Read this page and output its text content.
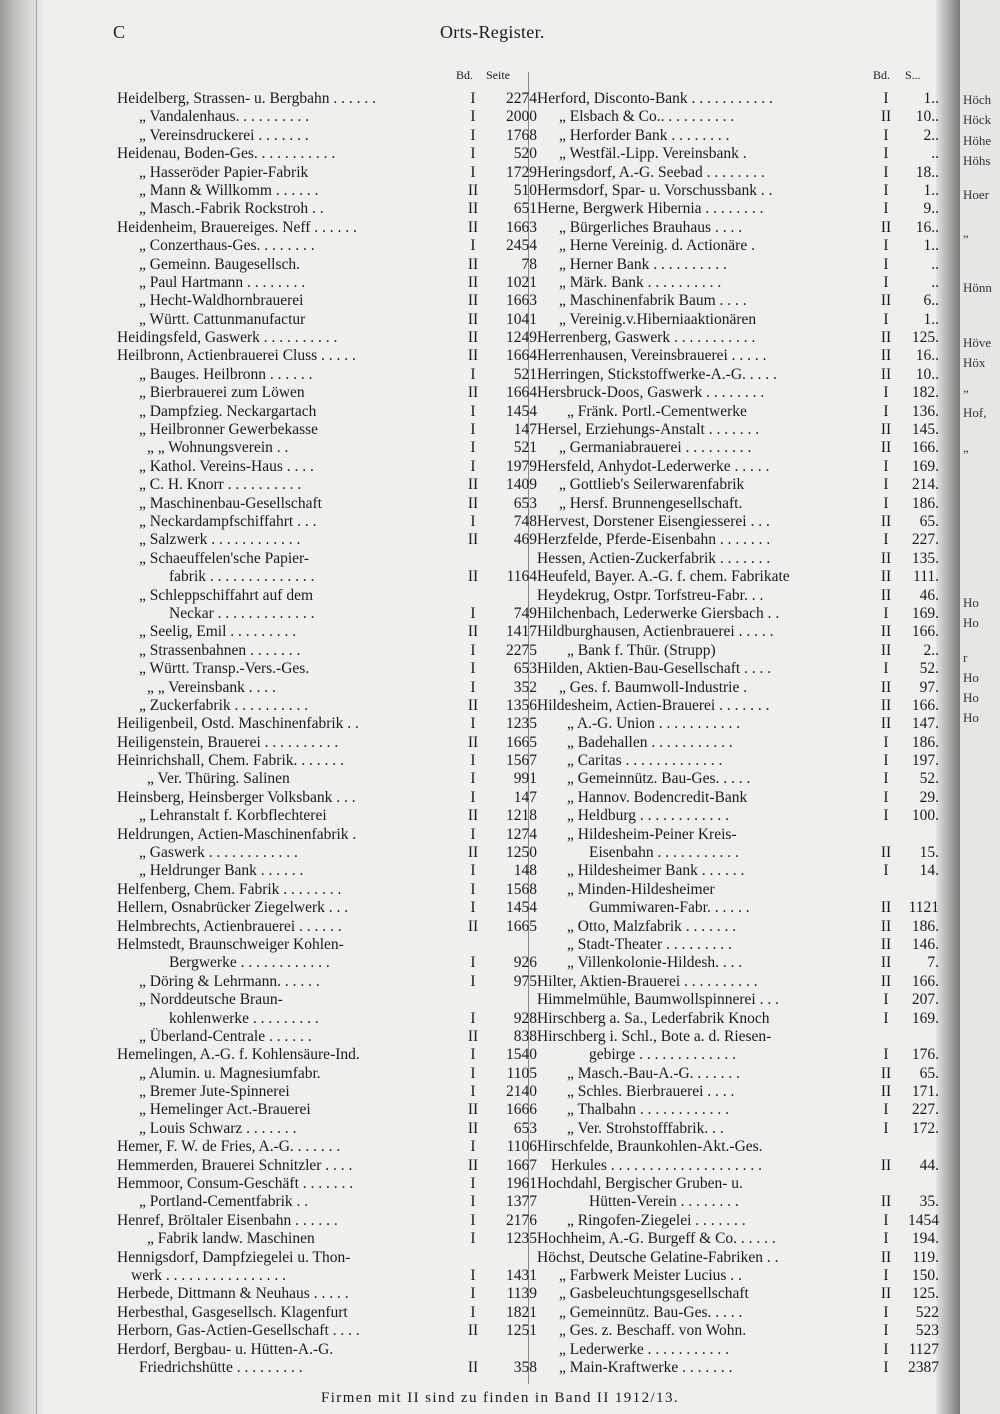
Höch
Höck
Höhe
Höhs
Hoer
„
Hönn
Höve
Höx
„
Hof,
„
Ho
Ho
r
Ho
Ho
Ho
C	Orts-Register.
Bd. Seite	Bd. S...
Heidelberg, Strassen- u. Bergbahn . . . . . .	I	2274
„ Vandalenhaus. . . . . . . . . .	I	2000
„ Vereinsdruckerei . . . . . . .	I	1768
Heidenau, Boden-Ges. . . . . . . . . . .	I	520
„ Hasseröder Papier-Fabrik	I	1729
„ Mann & Willkomm . . . . . .	II	510
„ Masch.-Fabrik Rockstroh . .	II	651
Heidenheim, Brauereiges. Neff . . . . . .	II	1663
„ Conzerthaus-Ges. . . . . . . .	I	2454
„ Gemeinn. Baugesellsch.	II	78
„ Paul Hartmann . . . . . . . .	II	1021
„ Hecht-Waldhornbrauerei	II	1663
„ Württ. Cattunmanufactur	II	1041
Heidingsfeld, Gaswerk . . . . . . . . . .	II	1249
Heilbronn, Actienbrauerei Cluss . . . . .	II	1664
„ Bauges. Heilbronn . . . . . .	I	521
„ Bierbrauerei zum Löwen	II	1664
„ Dampfzieg. Neckargartach	I	1454
„ Heilbronner Gewerbekasse	I	147
„ „ Wohnungsverein . .	I	521
„ Kathol. Vereins-Haus . . . .	I	1979
„ C. H. Knorr . . . . . . . . . .	II	1409
„ Maschinenbau-Gesellschaft	II	653
„ Neckardampfschiffahrt . . .	I	748
„ Salzwerk . . . . . . . . . . . .	II	469
„ Schaeuffelen'sche Papier-
fabrik . . . . . . . . . . . . . .	II	1164
„ Schleppschiffahrt auf dem
Neckar . . . . . . . . . . . . .	I	749
„ Seelig, Emil . . . . . . . . .	II	1417
„ Strassenbahnen . . . . . . .	I	2275
„ Württ. Transp.-Vers.-Ges.	I	653
„ „ Vereinsbank . . . .	I	352
„ Zuckerfabrik . . . . . . . . . .	II	1356
Heiligenbeil, Ostd. Maschinenfabrik . .	I	1235
Heiligenstein, Brauerei . . . . . . . . . .	II	1665
Heinrichshall, Chem. Fabrik. . . . . . .	I	1567
„ Ver. Thüring. Salinen	I	991
Heinsberg, Heinsberger Volksbank . . .	I	147
„ Lehranstalt f. Korbflechterei	II	1218
Heldrungen, Actien-Maschinenfabrik .	I	1274
„ Gaswerk . . . . . . . . . . . .	II	1250
„ Heldrunger Bank . . . . . .	I	148
Helfenberg, Chem. Fabrik . . . . . . . .	I	1568
Hellern, Osnabrücker Ziegelwerk . . .	I	1454
Helmbrechts, Actienbrauerei . . . . . .	II	1665
Helmstedt, Braunschweiger Kohlen-
Bergwerke . . . . . . . . . . . .	I	926
„ Döring & Lehrmann. . . . . .	I	975
„ Norddeutsche Braun-
kohlenwerke . . . . . . . . .	I	928
„ Überland-Centrale . . . . . .	II	838
Hemelingen, A.-G. f. Kohlensäure-Ind.	I	1540
„ Alumin. u. Magnesiumfabr.	I	1105
„ Bremer Jute-Spinnerei	I	2140
„ Hemelinger Act.-Brauerei	II	1666
„ Louis Schwarz . . . . . . .	II	653
Hemer, F. W. de Fries, A.-G. . . . . . .	I	1106
Hemmerden, Brauerei Schnitzler . . . .	II	1667
Hemmoor, Consum-Geschäft . . . . . . .	I	1961
„ Portland-Cementfabrik . .	I	1377
Henref, Bröltaler Eisenbahn . . . . . .	I	2176
„ Fabrik landw. Maschinen	I	1235
Hennigsdorf, Dampfziegelei u. Thon-
werk . . . . . . . . . . . . . . . .	I	1431
Herbede, Dittmann & Neuhaus . . . . .	I	1139
Herbesthal, Gasgesellsch. Klagenfurt	I	1821
Herborn, Gas-Actien-Gesellschaft . . . .	II	1251
Herdorf, Bergbau- u. Hütten-A.-G.
Friedrichshütte . . . . . . . . .	II	358
Herford, Disconto-Bank . . . . . . . . . . .	I	1..
„ Elsbach & Co.. . . . . . . . . .	II	10..
„ Herforder Bank . . . . . . . .	I	2..
„ Westfäl.-Lipp. Vereinsbank .	I	..
Heringsdorf, A.-G. Seebad . . . . . . . .	I	18..
Hermsdorf, Spar- u. Vorschussbank . .	I	1..
Herne, Bergwerk Hibernia . . . . . . . .	I	9..
„ Bürgerliches Brauhaus . . . .	II	16..
„ Herne Vereinig. d. Actionäre .	I	1..
„ Herner Bank . . . . . . . . . .	I	..
„ Märk. Bank . . . . . . . . . .	I	..
„ Maschinenfabrik Baum . . . .	II	6..
„ Vereinig.v.Hiberniaaktionären	I	1..
Herrenberg, Gaswerk . . . . . . . . . . .	II	125.
Herrenhausen, Vereinsbrauerei . . . . .	II	16..
Herringen, Stickstoffwerke-A.-G. . . . .	II	10..
Hersbruck-Doos, Gaswerk . . . . . . . .	I	182.
„ Fränk. Portl.-Cementwerke	I	136.
Hersel, Erziehungs-Anstalt . . . . . . .	II	145.
„ Germaniabrauerei . . . . . . . . .	II	166.
Hersfeld, Anhydot-Lederwerke . . . . .	I	169.
„ Gottlieb's Seilerwarenfabrik	I	214.
„ Hersf. Brunnengesellschaft.	I	186.
Hervest, Dorstener Eisengiesserei . . .	II	65.
Herzfelde, Pferde-Eisenbahn . . . . . . .	I	227.
Hessen, Actien-Zuckerfabrik . . . . . . .	II	135.
Heufeld, Bayer. A.-G. f. chem. Fabrikate	II	111.
Heydekrug, Ostpr. Torfstreu-Fabr. . .	II	46.
Hilchenbach, Lederwerke Giersbach . .	I	169.
Hildburghausen, Actienbrauerei . . . . .	II	166.
„ Bank f. Thür. (Strupp)	II	2..
Hilden, Aktien-Bau-Gesellschaft . . . .	I	52.
„ Ges. f. Baumwoll-Industrie .	II	97.
Hildesheim, Actien-Brauerei . . . . . . .	II	166.
„ A.-G. Union . . . . . . . . . . .	II	147.
„ Badehallen . . . . . . . . . . .	I	186.
„ Caritas . . . . . . . . . . . . .	I	197.
„ Gemeinnütz. Bau-Ges. . . . .	I	52.
„ Hannov. Bodencredit-Bank	I	29.
„ Heldburg . . . . . . . . . . . .	I	100.
„ Hildesheim-Peiner Kreis-
Eisenbahn . . . . . . . . . . .	II	15.
„ Hildesheimer Bank . . . . . .	I	14.
„ Minden-Hildesheimer
Gummiwaren-Fabr. . . . . .	II	1121
„ Otto, Malzfabrik . . . . . . .	II	186.
„ Stadt-Theater . . . . . . . . .	II	146.
„ Villenkolonie-Hildesh. . . .	II	7.
Hilter, Aktien-Brauerei . . . . . . . . . .	II	166.
Himmelmühle, Baumwollspinnerei . . .	I	207.
Hirschberg a. Sa., Lederfabrik Knoch	I	169.
Hirschberg i. Schl., Bote a. d. Riesen-
gebirge . . . . . . . . . . . . .	I	176.
„ Masch.-Bau-A.-G. . . . . . .	II	65.
„ Schles. Bierbrauerei . . . .	II	171.
„ Thalbahn . . . . . . . . . . . .	I	227.
„ Ver. Strohstofffabrik. . .	I	172.
Hirschfelde, Braunkohlen-Akt.-Ges.
Herkules . . . . . . . . . . . . . . . . . . . .	II	44.
Hochdahl, Bergischer Gruben- u.
Hütten-Verein . . . . . . . .	II	35.
„ Ringofen-Ziegelei . . . . . . .	I	1454
Hochheim, A.-G. Burgeff & Co. . . . . .	I	194.
Höchst, Deutsche Gelatine-Fabriken . .	II	119.
„ Farbwerk Meister Lucius . .	I	150.
„ Gasbeleuchtungsgesellschaft	II	125.
„ Gemeinnütz. Bau-Ges. . . . .	I	522
„ Ges. z. Beschaff. von Wohn.	I	523
„ Lederwerke . . . . . . . . . . .	I	1127
„ Main-Kraftwerke . . . . . . .	I	2387
Firmen mit II sind zu finden in Band II 1912/13.
